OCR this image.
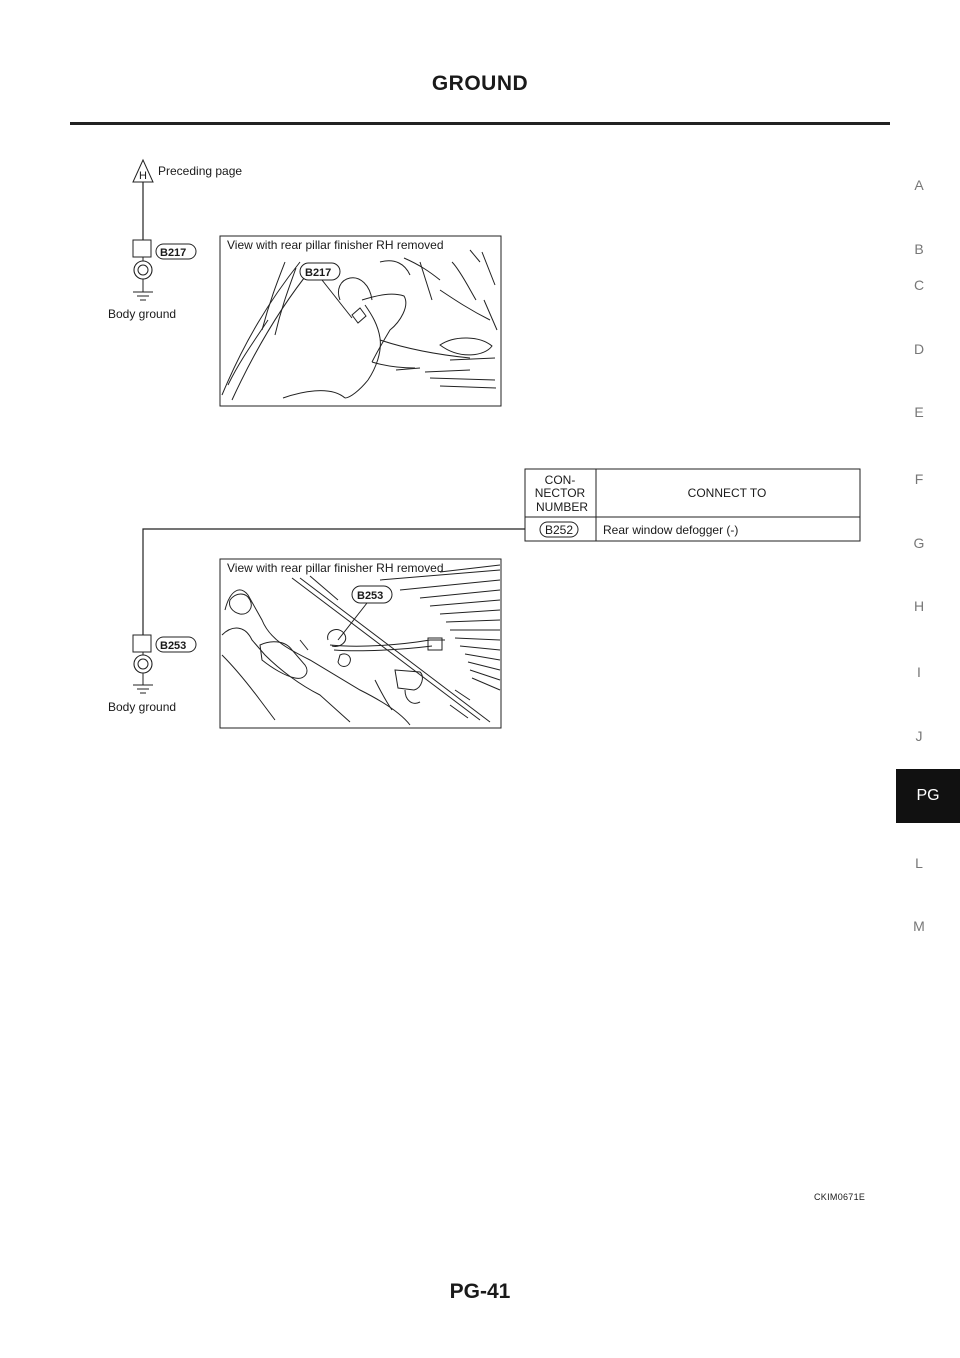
GROUND
A
B
C
D
E
F
G
H
I
J
PG
L
M
H Preceding page
B217
Body ground
View with rear pillar finisher RH removed
B217
CON-
NECTOR
NUMBER
CONNECT TO
B252 Rear window defogger (-)
B253
Body ground
View with rear pillar finisher RH removed
B253
CKIM0671E
PG-41
